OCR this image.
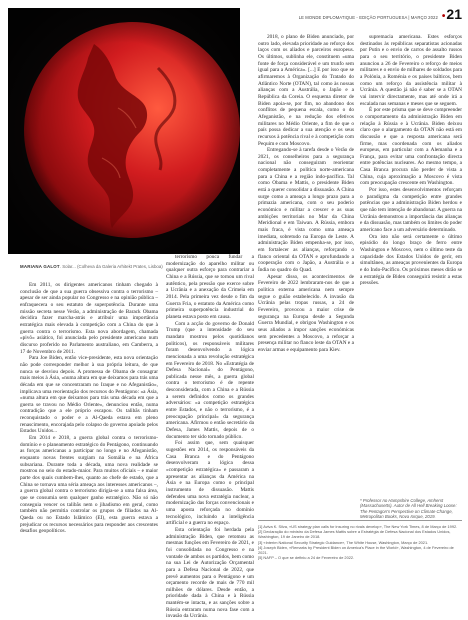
LE MONDE DIPLOMATIQUE - EDIÇÃO PORTUGUESA | MARÇO 2022 •21
MARIANA GALOT. Solar... (Colheva da Galeria Arhitekt Prates, Lisboa)

Em 2011, os dirigentes americanos tinham chegado à conclusão de que a sua guerra obsessiva contra o terrorismo – apesar de ser ainda popular no Congresso e na opinião pública – enfraquecera o seu estatuto de superpotência. Durante uma missão secreta nesse Verão, a administração de Barack Obama decidira fazer marcha-atrás e atribuir uma importância estratégica mais elevada à competição com a China do que à guerra contra o terrorismo. Esta nova abordagem, chamada «pivô» asiático, foi anunciada pelo presidente americano num discurso proferido no Parlamento australiano, em Camberra, a 17 de Novembro de 2011.

Para Joe Biden, então vice-presidente, esta nova orientação não pode corresponder melhor à sua própria leitura, de que nunca se desviou depois. A promessa de Obama de consagrar mais meios à Ásia, «numa altura em que deixamos para trás uma década em que se concentraram no Iraque e no Afeganistão», implicava uma reorientação dos recursos do Pentágono: «a Ásia, «numa altura em que deixamos para trás uma década em que a guerra se travou no Médio Oriente», denunciou então, numa contradição que a ele próprio escapou. Os talibãs tinham reconquistado o poder e a Al-Qaeda estava em pleno renascimento, encorajada pelo colapso do governo apoiado pelos Estados Unidos...

Em 2014 e 2018, a guerra global contra o terrorismo-domínio e o planeamento estratégico do Pentágono, continuando as forças americanas a participar no longo e no Afeganistão, enquanto novas frentes surgiam na Somália e na África subsariana. Durante toda a década, uma nova realidade se mostrou no seio do estado-maior. Para muitos oficiais – e maior parte dos quais cumbem-lhes, quanto ao chefe de estado, que a China se tornava uma séria ameaça aos interesses americanos –, a guerra global contra o terrorismo dirigia-se a uma falsa área, que se consumia sem qualquer ganho estratégico. Não só não conseguia vencer os talibãs nem o jihadismo em geral, como também não permitia controlar os grupos de filiados na Al-Qaeda ou no Estado Islâmico (EI), esta guerra estava a prejudicar os recursos necessários para responder aos crescentes desafios geopolíticos.

terrorismo pouca fundar a modernização do aparelho militar ou qualquer outra esforço para contrariar a China e a Rússia, que se tornou um rival autêntico, pela pressão que exerce sobre a Ucrânia e a anexação da Crimeia em 2014. Pela primeira vez desde o fim da Guerra Fria, o estatuto da América como primeira superpotência industrial do planeta estava posto em causa.

Com a acção do governo de Donald Trump (que a intensidade do seu mandato mostrou pelos quotidianos políticos), os responsáveis militares foram desenvolvendo a lógica mencionada a uma revolução estratégica em Fevereiro de 2018. No «Estratégia de Defesa Nacional» do Pentágono, publicada nesse mês, a guerra global contra o terrorismo é de repente desconsiderada, com a China e a Rússia a serem definidos como os grandes adversários: «a competição estratégica entre Estados, e não o terrorismo, é a preocupação principal» da segurança americana. Afirmou o então secretário da Defesa, James Mattis, depois de o documento ter sido tornado público.

Foi assim que, sem quaisquer sugestões em 2014, os responsáveis da Casa Branca e do Pentágono desenvolveram a lógica dessa «competição estratégica» e passaram a apresentar as alianças da América na Ásia e na Europa como o principal instrumento de dissuasão. Mattis defendeu uma nova estratégia nuclear, a modernização das forças convencionais e uma aposta reforçada no domínio tecnológico, incluindo a inteligência artificial e a guerra no espaço.

Esta orientação foi herdada pela administração Biden, que retomou as mesmas funções em Fevereiro de 2021, e foi consolidada no Congresso e na vontade de ambos os partidos, bem como na sua Lei de Autorização Orçamental para a Defesa Nacional de 2022, que prevê aumentos para o Pentágono e um orçamento recorde de mais de 770 mil milhões de dólares. Desde então, a prioridade dada à China e à Rússia mantém-se intacta, e as sanções sobre a Rússia entraram numa nova fase com a invasão da Ucrânia.

2018, o plano de Biden anunciado, por outro lado, elevada prioridade ao reforço dos laços com os aliados e parceiros europeus. Os últimos, sublinha ele, constituem «uma fonte de força considerável e um trunfo sem igual para a América». [...] E por isso que se afirmaremos à Organização do Tratado do Atlântico Norte (OTAN), tal como às nossas alianças com a Austrália, o Japão e a República da Coreia. O esquema diretor de Biden apoia-se, por fim, no abandono dos conflitos de pequena escala, como o do Afeganistão, e na redução dos efetivos militares no Médio Oriente, a fim de que o país possa dedicar a sua atenção e os seus recursos à potência rival e à competição com Pequim e com Moscovo.

Entregando-se à tarefa desde o Verão de 2021, os conselheiros para a segurança nacional não conseguiram reorientar completamente a política norte-americana para a China e a região indo-pacífica. Tal como Obama e Mattis, o presidente Biden está a querer consolidar a dissuasão. A China surge como a ameaça a longo prazo para a primazia americana, com o seu poderio económico e militar a crescer e as suas ambições territoriais no Mar da China Meridional e em Taiwan. A Rússia, embora mais fraca, é vista como uma ameaça imediata, sobretudo na Europa de Leste. A administração Biden empenha-se, por isso, em fortalecer as alianças, reforçando o flanco oriental da OTAN e aprofundando a cooperação com o Japão, a Austrália e a Índia no quadro do Quad.

Apesar disso, os acontecimentos de Fevereiro de 2022 lembraram-nos de que a política externa americana nem sempre segue o guião estabelecido. A invasão da Ucrânia pelas tropas russas, a 24 de Fevereiro, provocou a maior crise de segurança na Europa desde a Segunda Guerra Mundial, e obrigou Washington e os seus aliados a impor sanções económicas sem precedentes a Moscovo, a reforçar a presença militar no flanco leste da OTAN e a enviar armas e equipamento para Kiev.

supremacia americana. Estes esforços destinados às repúblicas separatistas acionadas por Putin e o envio de carros de assalto russos para o seu território, o presidente Biden anunciou a 26 de Fevereiro o reforço de meios militares e o envio de milhares de soldados para a Polónia, a Roménia e os países bálticos, bem como um reforço da assistência militar à Ucrânia. A questão já não é saber se a OTAN vai intervir directamente, mas até onde irá a escalada nas semanas e meses que se seguem.

É por este prisma que se deve compreender o comportamento da administração Biden em relação à Rússia e à Ucrânia. Biden deixou claro que o alargamento da OTAN não está em discussão e que a resposta americana será firme, mas coordenada com os aliados europeus, em particular com a Alemanha e a França, para evitar uma confrontação directa entre potências nucleares. Ao mesmo tempo, a Casa Branca procura não perder de vista a China, cuja aproximação a Moscovo é vista com preocupação crescente em Washington.

Por isso, estes desenvolvimentos reforçam o paradigma da competição entre grandes potências que a administração Biden herdou e que não tem intenção de abandonar. A guerra na Ucrânia demonstrou a importância das alianças e da dissuasão, mas também os limites do poder americano face a um adversário determinado.

Ora isto não será certamente o último episódio do longo braço de ferro entre Washington e Moscovo, nem o último teste da capacidade dos Estados Unidos de gerir, em simultâneo, as ameaças provenientes da Europa e do Indo-Pacífico. Os próximos meses dirão se a estratégia de Biden conseguirá resistir a estas pressões.

* Professor no Hampshire College, Amherst (Massachusetts). Autor de All Hell Breaking Loose: The Pentagon's Perspective on Climate Change, Metropolitan Books, Nova Iorque, 2019.
[1] Aviva K. Silva, «US strategy plan calls for insuring no rivals develop», The New York Times, 8 de Março de 1992.
[2] Declaração do ministro da Defesa James Mattis sobre a Estratégia de Defesa Nacional dos Estados Unidos, Washington, 19 de Janeiro de 2018.
[3] «Interim National Security Strategic Guidance», The White House, Washington, Março de 2021.
[4] Joseph Biden, «Remarks by President Biden on America's Place in the World», Washington, 4 de Fevereiro de 2021.
[5] NAFP – O que se definiu a 24 de Fevereiro de 2022.
